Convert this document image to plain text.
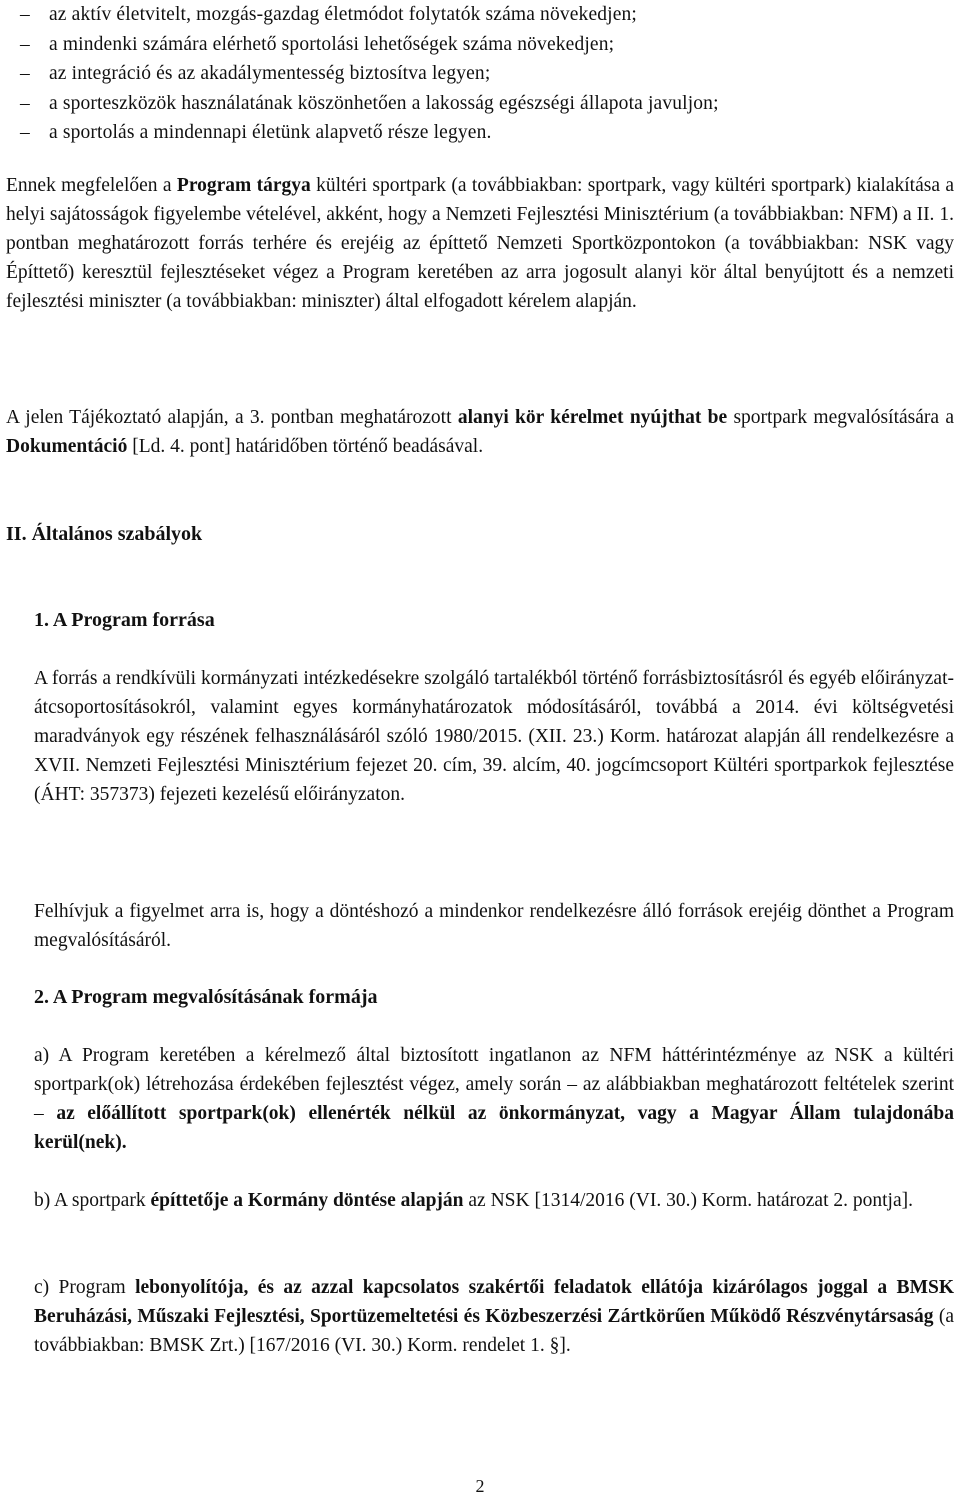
– az aktív életvitelt, mozgás-gazdag életmódot folytatók száma növekedjen;
– a mindenki számára elérhető sportolási lehetőségek száma növekedjen;
– az integráció és az akadálymentesség biztosítva legyen;
– a sporteszközök használatának köszönhetően a lakosság egészségi állapota javuljon;
– a sportolás a mindennapi életünk alapvető része legyen.

Ennek megfelelően a Program tárgya kültéri sportpark (a továbbiakban: sportpark, vagy kültéri sportpark) kialakítása a helyi sajátosságok figyelembe vételével, akként, hogy a Nemzeti Fejlesztési Minisztérium (a továbbiakban: NFM) a II. 1. pontban meghatározott forrás terhére és erejéig az építtető Nemzeti Sportközpontokon (a továbbiakban: NSK vagy Építtető) keresztül fejlesztéseket végez a Program keretében az arra jogosult alanyi kör által benyújtott és a nemzeti fejlesztési miniszter (a továbbiakban: miniszter) által elfogadott kérelem alapján.

A jelen Tájékoztató alapján, a 3. pontban meghatározott alanyi kör kérelmet nyújthat be sportpark megvalósítására a Dokumentáció [Ld. 4. pont] határidőben történő beadásával.

II. Általános szabályok
1. A Program forrása

A forrás a rendkívüli kormányzati intézkedésekre szolgáló tartalékból történő forrásbiztosításról és egyéb előirányzat-átcsoportosításokról, valamint egyes kormányhatározatok módosításáról, továbbá a 2014. évi költségvetési maradványok egy részének felhasználásáról szóló 1980/2015. (XII. 23.) Korm. határozat alapján áll rendelkezésre a XVII. Nemzeti Fejlesztési Minisztérium fejezet 20. cím, 39. alcím, 40. jogcímcsoport Kültéri sportparkok fejlesztése (ÁHT: 357373) fejezeti kezelésű előirányzaton.

Felhívjuk a figyelmet arra is, hogy a döntéshozó a mindenkor rendelkezésre álló források erejéig dönthet a Program megvalósításáról.

2. A Program megvalósításának formája

a) A Program keretében a kérelmező által biztosított ingatlanon az NFM háttérintézménye az NSK a kültéri sportpark(ok) létrehozása érdekében fejlesztést végez, amely során – az alábbiakban meghatározott feltételek szerint – az előállított sportpark(ok) ellenérték nélkül az önkormányzat, vagy a Magyar Állam tulajdonába kerül(nek).

b) A sportpark építtetője a Kormány döntése alapján az NSK [1314/2016 (VI. 30.) Korm. határozat 2. pontja].

c) Program lebonyolítója, és az azzal kapcsolatos szakértői feladatok ellátója kizárólagos joggal a BMSK Beruházási, Műszaki Fejlesztési, Sportüzemeltetési és Közbeszerzési Zártkörűen Működő Részvénytársaság (a továbbiakban: BMSK Zrt.) [167/2016 (VI. 30.) Korm. rendelet 1. §].

2
